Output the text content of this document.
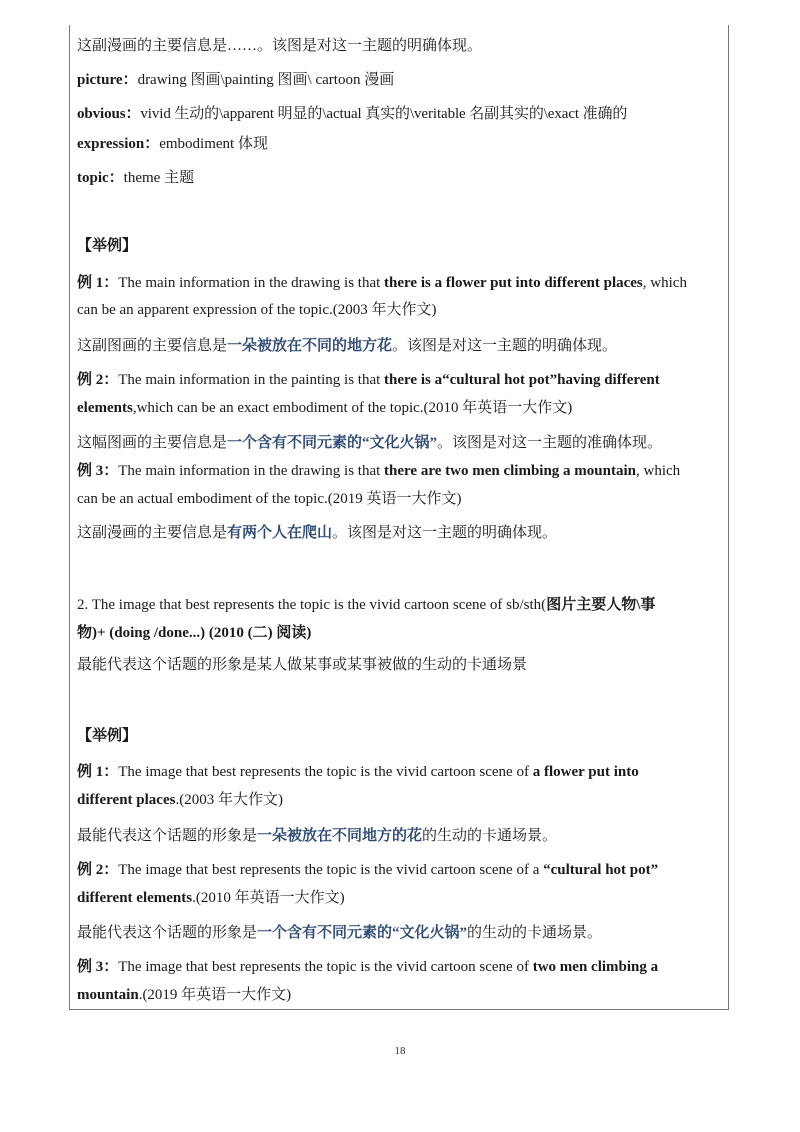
这副漫画的主要信息是……。该图是对这一主题的明确体现。
picture：drawing 图画\painting 图画\ cartoon 漫画
obvious：vivid 生动的\apparent 明显的\actual 真实的\veritable 名副其实的\exact 准确的
expression：embodiment 体现
topic：theme 主题
【举例】
例 1：The main information in the drawing is that there is a flower put into different places, which
can be an apparent expression of the topic.(2003 年大作文)
这副图画的主要信息是一朵被放在不同的地方花。该图是对这一主题的明确体现。
例 2：The main information in the painting is that there is a“cultural hot pot”having different
elements,which can be an exact embodiment of the topic.(2010 年英语一大作文)
这幅图画的主要信息是一个含有不同元素的“文化火锅”。该图是对这一主题的准确体现。
例 3：The main information in the drawing is that there are two men climbing a mountain, which
can be an actual embodiment of the topic.(2019 英语一大作文)
这副漫画的主要信息是有两个人在爬山。该图是对这一主题的明确体现。
2. The image that best represents the topic is the vivid cartoon scene of sb/sth(图片主要人物\事
物)+ (doing /done...) (2010 (二) 阅读)
最能代表这个话题的形象是某人做某事或某事被做的生动的卡通场景
【举例】
例 1：The image that best represents the topic is the vivid cartoon scene of a flower put into
different places.(2003 年大作文)
最能代表这个话题的形象是一朵被放在不同地方的花的生动的卡通场景。
例 2：The image that best represents the topic is the vivid cartoon scene of a “cultural hot pot”
different elements.(2010 年英语一大作文)
最能代表这个话题的形象是一个含有不同元素的“文化火锅”的生动的卡通场景。
例 3：The image that best represents the topic is the vivid cartoon scene of two men climbing a
mountain.(2019 年英语一大作文)
18
